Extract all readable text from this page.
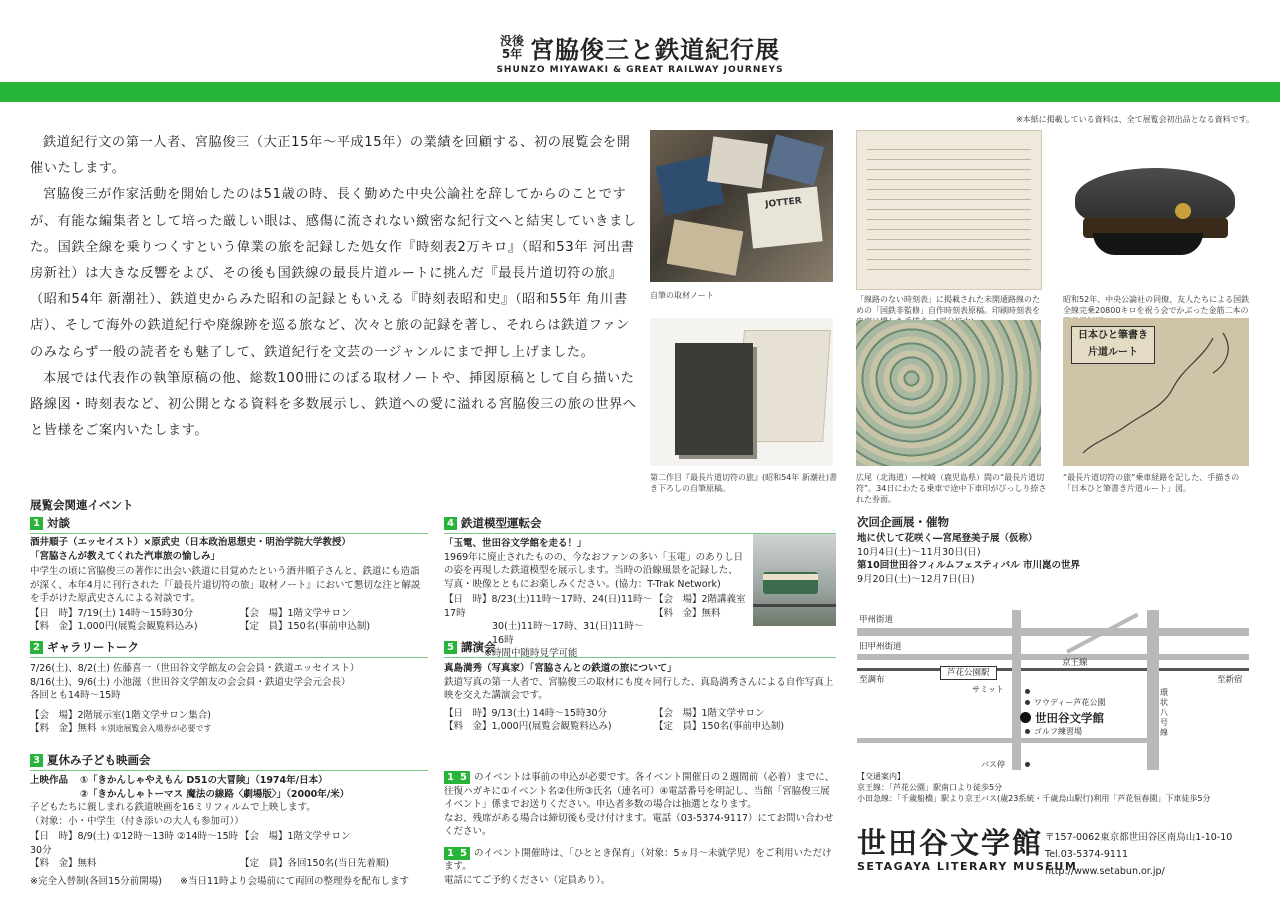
没後
5年 宮脇俊三と鉄道紀行展
SHUNZO MIYAWAKI & GREAT RAILWAY JOURNEYS
※本紙に掲載している資料は、全て展覧会初出品となる資料です。

鉄道紀行文の第一人者、宮脇俊三（大正15年〜平成15年）の業績を回顧する、初の展覧会を開催いたします。

宮脇俊三が作家活動を開始したのは51歳の時、長く勤めた中央公論社を辞してからのことですが、有能な編集者として培った厳しい眼は、感傷に流されない緻密な紀行文へと結実していきました。国鉄全線を乗りつくすという偉業の旅を記録した処女作『時刻表2万キロ』（昭和53年 河出書房新社）は大きな反響をよび、その後も国鉄線の最長片道ルートに挑んだ『最長片道切符の旅』（昭和54年 新潮社）、鉄道史からみた昭和の記録ともいえる『時刻表昭和史』（昭和55年 角川書店）、そして海外の鉄道紀行や廃線跡を巡る旅など、次々と旅の記録を著し、それらは鉄道ファンのみならず一般の読者をも魅了して、鉄道紀行を文芸の一ジャンルにまで押し上げました。

本展では代表作の執筆原稿の他、総数100冊にのぼる取材ノートや、挿図原稿として自ら描いた路線図・時刻表など、初公開となる資料を多数展示し、鉄道への愛に溢れる宮脇俊三の旅の世界へと皆様をご案内いたします。

JOTTER
自筆の取材ノート	「線路のない時刻表」に掲載された未開通路線のための「国鉄非監修」自作時刻表原稿。印刷時刻表を
昭和52年、中央公論社の同僚、友人たちによる国鉄全線完乗20800キロを祝う会でかぶった金筋二本の
第二作目『最長片道切符の旅』(昭和54年 新潮社)書き下ろしの自筆原稿。
広尾（北海道）―枕崎（鹿児島県）間の“最長片道切符”。34日にわたる乗車で途中下車印がびっしり捺された券面。
日本ひと筆書き
片道ルート
“最長片道切符の旅”乗車経路を記した、手描きの「日本ひと筆書き片道ルート」図。
展覧会関連イベント
1 対談
酒井順子（エッセイスト）×原武史（日本政治思想史・明治学院大学教授）
「宮脇さんが教えてくれた汽車旅の愉しみ」
中学生の頃に宮脇俊三の著作に出会い鉄道に目覚めたという酒井順子さんと、鉄道にも造詣が深く、本年4月に刊行された『「最長片道切符の旅」取材ノート』において懇切な注と解説を手がけた原武史さんによる対談です。
【日　時】7/19(土) 14時〜15時30分	【会　場】1階文学サロン
【料　金】1,000円(展覧会観覧料込み)	【定　員】150名(事前申込制)
2 ギャラリートーク
7/26(土)、8/2(土) 佐藤喜一（世田谷文学館友の会会員・鉄道エッセイスト）
8/16(土)、9/6(土) 小池滋（世田谷文学館友の会会員・鉄道史学会元会長）
各回とも14時〜15時
【会　場】2階展示室(1階文学サロン集合)
【料　金】無料 ＊別途展覧会入場券が必要です
3 夏休み子ども映画会
上映作品	①「きかんしゃやえもん D51の大冒険」（1974年/日本）
②「きかんしゃトーマス 魔法の線路〈劇場版〉」（2000年/米）
子どもたちに親しまれる鉄道映画を16ミリフィルムで上映します。
（対象：小・中学生（付き添いの大人も参加可））
【日　時】8/9(土) ①12時〜13時 ②14時〜15時30分
【会　場】1階文学サロン
【料　金】無料	【定　員】各回150名(当日先着順)
※完全入替制(各回15分前開場)	※当日11時より会場前にて両回の整理券を配布します
4 鉄道模型運転会
「玉電、世田谷文学館を走る！」
1969年に廃止されたものの、今なおファンの多い「玉電」のありし日の姿を再現した鉄道模型を展示します。当時の沿線風景を記録した、写真・映像とともにお楽しみください。(協力：T-Trak Network)
【日　時】8/23(土)11時〜17時、24(日)11時〜17時
30(土)11時〜17時、31(日)11時〜16時
※時間中随時見学可能
【会　場】2階講義室
【料　金】無料
5 講演会
真島満秀（写真家）「宮脇さんとの鉄道の旅について」
鉄道写真の第一人者で、宮脇俊三の取材にも度々同行した、真島満秀さんによる自作写真上映を交えた講演会です。
【日　時】9/13(土) 14時〜15時30分	【会　場】1階文学サロン
【料　金】1,000円(展覧会観覧料込み)	【定　員】150名(事前申込制)
1 5 のイベントは事前の申込が必要です。各イベント開催日の２週間前（必着）までに、往復ハガキに①イベント名②住所③氏名（連名可）④電話番号を明記し、当館「宮脇俊三展イベント」係までお送りください。申込者多数の場合は抽選となります。
なお、残席がある場合は締切後も受け付けます。電話（03-5374-9117）にてお問い合わせください。
1 5 のイベント開催時は、「ひととき保育」（対象：5ヵ月〜未就学児）をご利用いただけます。
電話にてご予約ください（定員あり）。
次回企画展・催物
地に伏して花咲く―宮尾登美子展（仮称）
10月4日(土)〜11月30日(日)
第10回世田谷フィルムフェスティバル 市川崑の世界
9月20日(土)〜12月7日(日)
甲州街道
旧甲州街道
京王線
芦花公園駅
至調布	至新宿
サミット
ワウディー芦花公園
世田谷文学館
ゴルフ練習場
バス停
環状八号線
【交通案内】
京王線：「芦花公園」駅南口より徒歩5分
小田急線：「千歳船橋」駅より京王バス(歳23系統・千歳烏山駅行)利用「芦花恒春園」下車徒歩5分
世田谷文学館
SETAGAYA LITERARY MUSEUM
〒157-0062東京都世田谷区南烏山1-10-10
Tel.03-5374-9111
http://www.setabun.or.jp/
